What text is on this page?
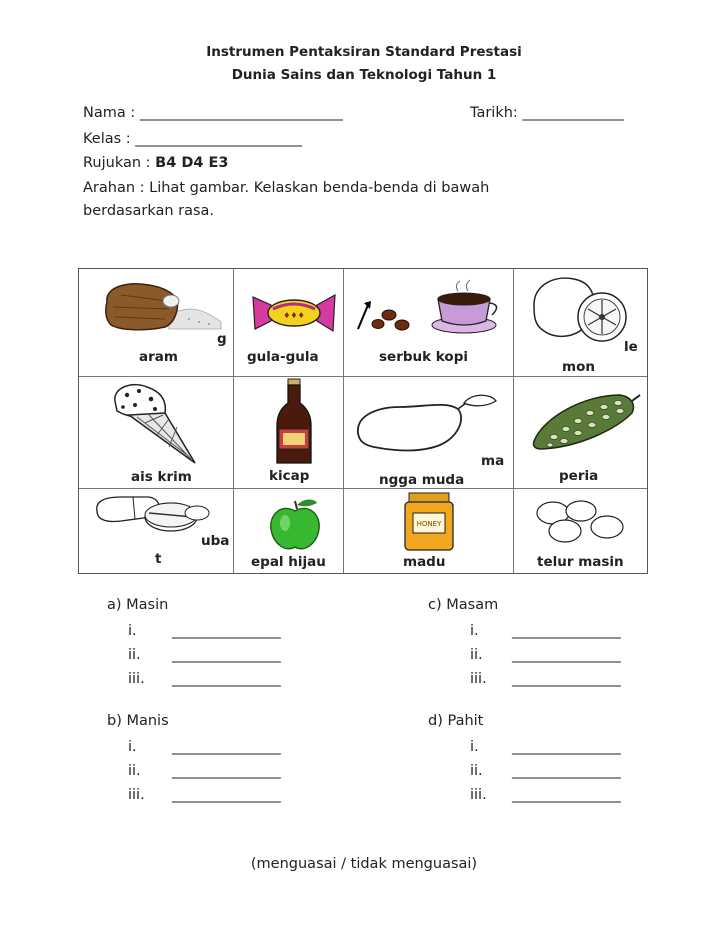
Instrumen Pentaksiran Standard Prestasi
Dunia Sains dan Teknologi Tahun 1
Nama : ____________________________	Tarikh: ______________
Kelas : _______________________
Rujukan : B4 D4 E3
Arahan : Lihat gambar. Kelaskan benda-benda di bawah
berdasarkan rasa.
g
aram
♦♦♦
gula-gula	serbuk kopi
le
mon
ais krim	kicap
ma
ngga muda	peria
uba
t	epal hijau
HONEY
madu	telur masin
a) Masin
i. _______________
ii. _______________
iii. _______________
b) Manis
i. _______________
ii. _______________
iii. _______________
c) Masam
i. _______________
ii. _______________
iii. _______________
d) Pahit
i. _______________
ii. _______________
iii. _______________
(menguasai / tidak menguasai)
